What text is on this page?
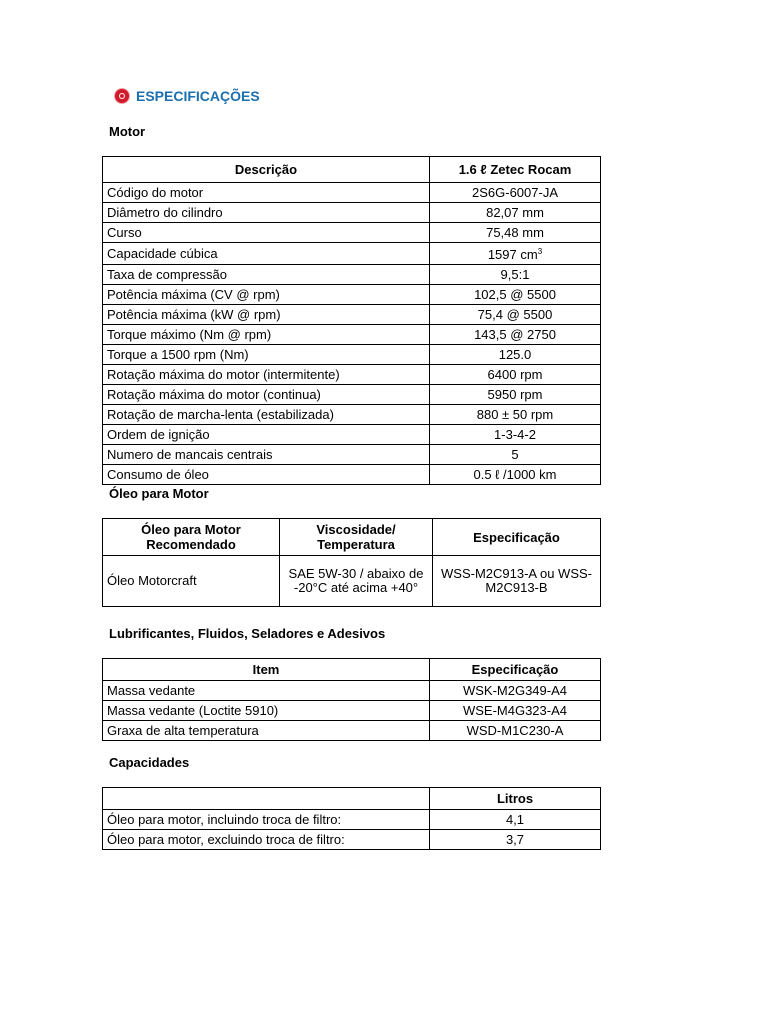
ESPECIFICAÇÕES
Motor
Descrição	1.6 ℓ Zetec Rocam
Código do motor	2S6G-6007-JA
Diâmetro do cilindro	82,07 mm
Curso	75,48 mm
Capacidade cúbica	1597 $cm^3$
Taxa de compressão	9,5:1
Potência máxima (CV @ rpm)	102,5 @ 5500
Potência máxima (kW @ rpm)	75,4 @ 5500
Torque máximo (Nm @ rpm)	143,5 @ 2750
Torque a 1500 rpm (Nm)	125.0
Rotação máxima do motor (intermitente)	6400 rpm
Rotação máxima do motor (continua)	5950 rpm
Rotação de marcha-lenta (estabilizada)	880 ± 50 rpm
Ordem de ignição	1-3-4-2
Numero de mancais centrais	5
Consumo de óleo	0.5 ℓ /1000 km
Óleo para Motor
Óleo para Motor Recomendado	Viscosidade/ Temperatura	Especificação
Óleo Motorcraft	SAE 5W-30 / abaixo de -20°C até acima +40°	WSS-M2C913-A ou WSS-M2C913-B
Lubrificantes, Fluidos, Seladores e Adesivos
Item	Especificação
Massa vedante	WSK-M2G349-A4
Massa vedante (Loctite 5910)	WSE-M4G323-A4
Graxa de alta temperatura	WSD-M1C230-A
Capacidades
	Litros
Óleo para motor, incluindo troca de filtro:	4,1
Óleo para motor, excluindo troca de filtro:	3,7
